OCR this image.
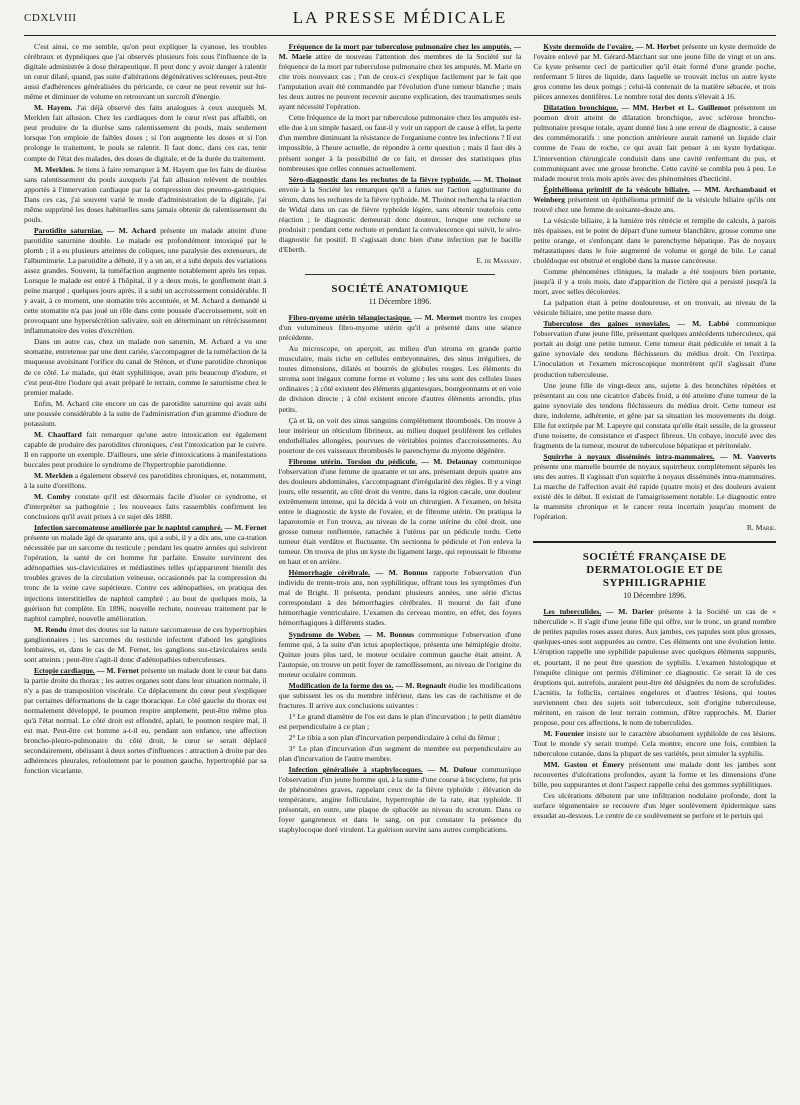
CDXLVIII	LA PRESSE MÉDICALE

C'est ainsi, ce me semble, qu'on peut expliquer la cyanose, les troubles cérébraux et dypnéiques que j'ai observés plusieurs fois sous l'influence de la digitale administrée à dose thérapeutique. Il peut donc y avoir danger à ralentir un cœur dilaté, quand, pas suite d'altérations dégénératives scléreuses, peut-être aussi d'adhérences généralisées du péricarde, ce cœur ne peut revenir sur lui-même et diminuer de volume en retrouvant un surcroît d'énergie.

M. Hayem. J'ai déjà observé des faits analogues à ceux auxquels M. Merklen fait allusion. Chez les cardiaques dont le cœur n'est pas affaibli, on peut produire de la diurèse sans ralentissement du pouls, mais seulement lorsque l'on emploie de faibles doses ; si l'on augmente les doses et si l'on prolonge le traitement, le pouls se ralentit. Il faut donc, dans ces cas, tenir compte de l'état des malades, des doses de digitale, et de la durée du traitement.

M. Merklen. Je tiens à faire remarquer à M. Hayem que les faits de diurèse sans ralentissement du pouls auxquels j'ai fait allusion relèvent de troubles apportés à l'innervation cardiaque par la compression des pneumo-gastriques. Dans ces cas, j'ai souvent varié le mode d'administration de la digitale, j'ai même supprimé les doses habituelles sans jamais obtenir de ralentissement du pouls.

Parotidite saturniae. — M. Achard présente un malade atteint d'une parotidite saturnine double. Le malade est profondément intoxiqué par le plomb ; il a eu plusieurs atteintes de coliques, une paralysie des extenseurs, de l'albuminurie. La parotidite a débuté, il y a un an, et a subi depuis des variations assez grandes. Souvent, la tuméfaction augmente notablement après les repas. Lorsque le malade est entré à l'hôpital, il y a deux mois, le gonflement était à peine marqué ; quelques jours après, il a subi un accroissement considérable. Il y avait, à ce moment, une stomatite très accentuée, et M. Achard a demandé si cette stomatite n'a pas joué un rôle dans cette poussée d'accroissement, soit en provoquant une hypersécrétion salivaire, soit en déterminant un rétrécissement inflammatoire des voies d'excrétion.

Dans un autre cas, chez un malade non saturnin, M. Achard a vu une stomatite, entretenue par une dent cariée, s'accompagner de la tuméfaction de la muqueuse avoisinant l'orifice du canal de Sténon, et d'une parotidite chronique de ce côté. Le malade, qui était syphilitique, avait pris beaucoup d'iodure, et c'est peut-être l'iodure qui avait préparé le terrain, comme le saturnisme chez le premier malade.

Enfin, M. Achard cite encore un cas de parotidite saturnine qui avait subi une poussée considérable à la suite de l'administration d'un gramme d'iodure de potassium.

M. Chauffard fait remarquer qu'une autre intoxication est également capable de produire des parotidites chroniques, c'est l'intoxication par le cuivre. Il en rapporte un exemple. D'ailleurs, une série d'intoxications à manifestations buccales peut produire le syndrome de l'hypertrophie parotidienne.

M. Merklen a également observé ces parotidites chroniques, et, notamment, à la suite d'oreillons.

M. Comby constate qu'il est désormais facile d'isoler ce syndrome, et d'interpréter sa pathogénie ; les nouveaux faits rassemblés confirment les conclusions qu'il avait prises à ce sujet dès 1888.

Infection sarcomateuse améliorée par le naphtol camphré. — M. Fernet présente un malade âgé de quarante ans, qui a subi, il y a dix ans, une ca-tration nécessitée par un sarcome du testicule ; pendant les quatre années qui suivirent l'opération, la santé de cet homme fut parfaite. Ensuite survinrent des adénopathies sus-claviculaires et médiastines telles qu'apparurent bientôt des troubles graves de la circulation veineuse, occasionnés par la compression du tronc de la veine cave supérieure. Contre ces adénopathies, on pratiqua des injections interstitielles de naphtol camphré ; au bout de quelques mois, la guérison fut complète. En 1896, nouvelle rechute, nouveau traitement par le naphtol camphré, nouvelle amélioration.

M. Rendu émet des doutes sur la nature sarcomateuse de ces hypertrophies ganglionnaires ; les sarcomes du testicule infectent d'abord les ganglions lombaires, et, dans le cas de M. Fernet, les ganglions sus-claviculaires seuls sont atteints ; peut-être s'agit-il donc d'adénopathies tuberculeuses.

Ectopie cardiaque. — M. Fernet présente un malade dont le cœur bat dans la partie droite du thorax ; les autres organes sont dans leur situation normale, il n'y a pas de transposition viscérale. Ce déplacement du cœur peut s'expliquer par certaines déformations de la cage thoracique. Le côté gauche du thorax est normalement développé, le poumon respire amplement, peut-être même plus qu'à l'état normal. Le côté droit est effondré, aplati, le poumon respire mal, il est mat. Peut-être cet homme a-t-il eu, pendant son enfance, une affection broncho-pleuro-pulmonaire du côté droit, le cœur se serait déplacé secondairement, obéissant à deux sortes d'influences : attraction à droite par des adhérences pleurales, refoulement par le poumon gauche, hypertrophié par sa fonction vicariante.

Fréquence de la mort par tuberculose pulmonaire chez les amputés. — M. Marie attire de nouveau l'attention des membres de la Société sur la fréquence de la mort par tuberculose pulmonaire chez les amputés. M. Marie en cite trois nouveaux cas ; l'un de ceux-ci s'explique facilement par le fait que l'amputation avait été commandée par l'évolution d'une tumeur blanche ; mais les deux autres ne peuvent recevoir aucune explication, des traumatismes seuls ayant nécessité l'opération.

Cette fréquence de la mort par tuberculose pulmonaire chez les amputés est-elle due à un simple hasard, ou faut-il y voir un rapport de cause à effet, la perte d'un membre diminuant la résistance de l'organisme contre les infections ? Il est impossible, à l'heure actuelle, de répondre à cette question ; mais il faut dès à présent songer à la possibilité de ce fait, et dresser des statistiques plus nombreuses que celles connues actuellement.

Séro-diagnostic dans les rechutes de la fièvre typhoïde. — M. Thoinot envoie à la Société les remarques qu'il a faites sur l'action agglutinante du sérum, dans les rechutes de la fièvre typhoïde. M. Thoinot rechercha la réaction de Widal dans un cas de fièvre typhoïde légère, sans obtenir toutefois cette réaction ; le diagnostic demeurait donc douteux, lorsque une rechute se produisit : pendant cette rechute et pendant la convalescence qui suivit, le séro-diagnostic fut positif. Il s'agissait donc bien d'une infection par le bacille d'Eberth.

E. de Massary.
SOCIÉTÉ ANATOMIQUE
11 Décembre 1896.

Fibro-myome utérin télangiectasique. — M. Mermet montre les coupes d'un volumineux fibro-myome utérin qu'il a présenté dans une séance précédente.

Au microscope, on aperçoit, au milieu d'un stroma en grande partie musculaire, mais riche en cellules embryonnaires, des sinus irréguliers, de toutes dimensions, dilatés et bourrés de globules rouges. Les éléments du stroma sont inégaux comme forme et volume ; les uns sont des cellules lisses ordinaires ; à côté existent des éléments gigantesques, bourgeonnants et en voie de division directe ; à côté existent encore d'autres éléments arrondis, plus petits.

Çà et là, on voit des sinus sanguins complètement thrombosés. On trouve à leur intérieur un réticulum fibrineux, au milieu duquel prolifèrent les cellules endothéliales allongées, pourvues de véritables pointes d'accroissements. Au pourtour de ces vaisseaux thrombosés le parenchyme du myome dégénère.

Fibrome utérin. Torsion du pédicule. — M. Delaunay communique l'observation d'une femme de quarante et un ans, présentant depuis quatre ans des douleurs abdominales, s'accompagnant d'irrégularité des règles. Il y a vingt jours, elle ressentit, au côté droit du ventre, dans la région cæcale, une douleur extrêmement intense, qui la décida à voir un chirurgien. A l'examen, on hésita entre le diagnostic de kyste de l'ovaire, et de fibrome utérin. On pratiqua la laparotomie et l'on trouva, au niveau de la corne utérine du côté droit, une grosse tumeur renflemtée, rattachée à l'utérus par un pédicule tordu. Cette tumeur était verdâtre et fluctuante. On sectionna le pédicule et l'on enleva la tumeur. On trouva de plus un kyste du ligament large, qui repoussait le fibrome en haut et en arrière.

Hémorrhagie cérébrale. — M. Bonnus rapporte l'observation d'un individu de trente-trois ans, non syphilitique, offrant tous les symptômes d'un mal de Bright. Il présenta, pendant plusieurs années, une série d'ictus correspondant à des hémorrhagies cérébrales. Il mourut du fait d'une hémorrhagie ventriculaire. L'examen du cerveau montre, en effet, des foyers hémorrhagiques à différents stades.

Syndrome de Weber. — M. Bonnus communique l'observation d'une femme qui, à la suite d'un ictus apoplectique, présenta une hémiplégie droite. Quinze jours plus tard, le moteur oculaire commun gauche était atteint. A l'autopsie, on trouve un petit foyer de ramollissement, au niveau de l'origine du moteur oculaire commun.

Modification de la forme des os. — M. Regnault étudie les modifications que subissent les os du membre inférieur, dans les cas de rachitisme et de fractures. Il arrive aux conclusions suivantes :

1° Le grand diamètre de l'os est dans le plan d'incurvation ; le petit diamètre est perpendiculaire à ce plan ;

2° Le tibia a son plan d'incurvation perpendiculaire à celui du fémur ;

3° Le plan d'incurvation d'un segment de membre est perpendiculaire au plan d'incurvation de l'autre membre.

Infection généralisée à staphylocoques. — M. Dufour communique l'observation d'un jeune homme qui, à la suite d'une course à bicyclette, fut pris de phénomènes graves, rappelant ceux de la fièvre typhoïde : élévation de température, angine folliculaire, hypertrophie de la rate, état typhoïde. Il présentait, en outre, une plaque de sphacèle au niveau du scrotum. Dans ce foyer gangreneux et dans le sang, on put constater la présence du staphylocoque doré virulent. La guérison survint sans autres complications.

Kyste dermoïde de l'ovaire. — M. Herbet présente un kyste dermoïde de l'ovaire enlevé par M. Gérard-Marchant sur une jeune fille de vingt et un ans. Ce kyste présente ceci de particulier qu'il était formé d'une grande poche, renfermant 5 litres de liquide, dans laquelle se trouvait inclus un autre kyste gros comme les deux poings ; celui-là contenait de la matière sébacée, et trois pièces annexes dentifères. Le nombre total des dents s'élevait à 16.

Dilatation bronchique. — MM. Herbet et L. Guillemot présentent un poumon droit atteint de dilatation bronchique, avec sclérose broncho-pulmonaire presque totale, ayant donné lieu à une erreur de diagnostic, à cause des commémoratifs : une ponction antérieure aurait ramené un liquide clair comme de l'eau de roche, ce qui avait fait penser à un kyste hydatique. L'intervention chirurgicale conduisit dans une cavité renfermant du pus, et communiquant avec une grosse bronche. Cette cavité se combla peu à peu. Le malade mourut trois mois après avec des phénomènes d'hecticité.

Épithélioma primitif de la vésicule biliaire. — MM. Archambaud et Weinberg présentent un épithélioma primitif de la vésicule biliaire qu'ils ont trouvé chez une femme de soixante-douze ans.

La vésicule biliaire, à la lumière très rétrécie et remplie de calculs, à parois très épaisses, est le point de départ d'une tumeur blanchâtre, grosse comme une petite orange, et s'enfonçant dans le parenchyme hépatique. Pas de noyaux métastatiques dans le foie augmenté de volume et gorgé de bile. Le canal cholédoque est obstrué et englobé dans la masse cancéreuse.

Comme phénomènes cliniques, la malade a été toujours bien portante, jusqu'à il y a trois mois, date d'apparition de l'ictère qui a persisté jusqu'à la mort, avec selles décolorées.

La palpation était à peine douloureuse, et on trouvait, au niveau de la vésicule biliaire, une petite masse dure.

Tuberculose des gaines synoviales. — M. Labbé communique l'observation d'une jeune fille, présentant quelques antécédents tuberculeux, qui portait au doigt une petite tumeur. Cette tumeur était pédiculée et tenait à la gaine synoviale des tendons fléchisseurs du médius droit. On l'extirpa. L'inoculation et l'examen microscopique montrèrent qu'il s'agissait d'une production tuberculeuse.

Une jeune fille de vingt-deux ans, sujette à des bronchites répétées et présentant au cou une cicatrice d'abcès froid, a été atteinte d'une tumeur de la gaine synoviale des tendons fléchisseurs du médius droit. Cette tumeur est dure, indolente, adhérente, et gêne par sa situation les mouvements du doigt. Elle fut extirpée par M. Lapeyre qui constata qu'elle était sessile, de la grosseur d'une noisette, de consistance et d'aspect fibreux. Un cobaye, inoculé avec des fragments de la tumeur, mourut de tuberculose hépatique et péritonéale.

Squirrhe à noyaux disséminés intra-mammaires. — M. Vanverts présente une mamelle bourrée de noyaux squirrheux complètement séparés les uns des autres. Il s'agissait d'un squirrhe à noyaux disséminés intra-mammaires. La marche de l'affection avait été rapide (quatre mois) et des douleurs avaient existé dès le début. Il existait de l'amaigrissement notable. Le diagnostic entre la mammite chronique et le cancer resta incertain jusqu'au moment de l'opération.

R. Marie.
SOCIÉTÉ FRANÇAISE DE DERMATOLOGIE ET DE SYPHILIGRAPHIE
10 Décembre 1896.

Les tuberculides. — M. Darier présente à la Société un cas de « tuberculide ». Il s'agit d'une jeune fille qui offre, sur le tronc, un grand nombre de petites papules roses assez dures. Aux jambes, ces papules sont plus grosses, quelques-unes sont suppurées au centre. Ces éléments ont une évolution lente. L'éruption rappelle une syphilide papuleuse avec quelques éléments suppurés, et, pourtant, il ne peut être question de syphilis. L'examen histologique et l'enquête clinique ont permis d'éliminer ce diagnostic. Ce serait là de ces éruptions qui, autrefois, auraient peut-être été désignées du nom de scrofulides. L'acnitis, la folliclis, certaines engelures et d'autres lésions, qui toutes surviennent chez des sujets soit tuberculeux, soit d'origine tuberculeuse, méritent, en raison de leur terrain commun, d'être rapprochés. M. Darier propose, pour ces affections, le nom de tuberculides.

M. Fournier insiste sur le caractère absolument syphiloïde de ces lésions. Tout le monde s'y serait trompé. Cela montre, encore une fois, combien la tuberculose cutanée, dans la plupart de ses variétés, peut simuler la syphilis.

MM. Gastou et Émery présentent une malade dont les jambes sont recouvertes d'ulcérations profondes, ayant la forme et les dimensions d'une bille, peu suppurantes et dont l'aspect rappelle celui des gommes syphilitiques.

Ces ulcérations débutent par une infiltration nodulaire profonde, dont la surface tégumentaire se recouvre d'un léger soulèvement épidermique sans exsudat au-dessous. Le centre de ce soulèvement se perfore et le pertuis qui
